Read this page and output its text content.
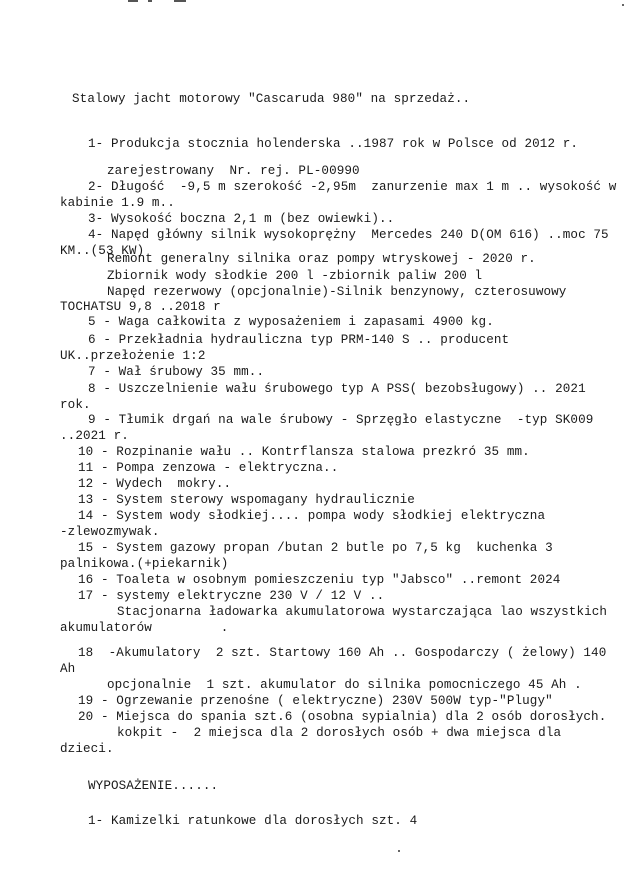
Stalowy jacht motorowy "Cascaruda 980" na sprzedaż..
1- Produkcja stocznia holenderska ..1987 rok w Polsce od 2012 r.
zarejestrowany  Nr. rej. PL-00990
2- Długość  -9,5 m szerokość -2,95m  zanurzenie max 1 m .. wysokość w
kabinie 1.9 m..
3- Wysokość boczna 2,1 m (bez owiewki)..
4- Napęd główny silnik wysokoprężny  Mercedes 240 D(OM 616) ..moc 75
KM..(53 KW)
Remont generalny silnika oraz pompy wtryskowej - 2020 r.
Zbiornik wody słodkie 200 l -zbiornik paliw 200 l
Napęd rezerwowy (opcjonalnie)-Silnik benzynowy, czterosuwowy
TOCHATSU 9,8 ..2018 r
5 - Waga całkowita z wyposażeniem i zapasami 4900 kg.
6 - Przekładnia hydrauliczna typ PRM-140 S .. producent
UK..przełożenie 1:2
7 - Wał śrubowy 35 mm..
8 - Uszczelnienie wału śrubowego typ A PSS( bezobsługowy) .. 2021
rok.
9 - Tłumik drgań na wale śrubowy - Sprzęgło elastyczne  -typ SK009
..2021 r.
10 - Rozpinanie wału .. Kontrflansza stalowa prezkró 35 mm.
11 - Pompa zenzowa - elektryczna..
12 - Wydech  mokry..
13 - System sterowy wspomagany hydraulicznie
14 - System wody słodkiej.... pompa wody słodkiej elektryczna
-zlewozmywak.
15 - System gazowy propan /butan 2 butle po 7,5 kg  kuchenka 3
palnikowa.(+piekarnik)
16 - Toaleta w osobnym pomieszczeniu typ "Jabsco" ..remont 2024
17 - systemy elektryczne 230 V / 12 V ..
Stacjonarna ładowarka akumulatorowa wystarczająca lao wszystkich
akumulatorów         .
18  -Akumulatory  2 szt. Startowy 160 Ah .. Gospodarczy ( żelowy) 140
Ah
opcjonalnie  1 szt. akumulator do silnika pomocniczego 45 Ah .
19 - Ogrzewanie przenośne ( elektryczne) 230V 500W typ-"Plugy"
20 - Miejsca do spania szt.6 (osobna sypialnia) dla 2 osób dorosłych.
kokpit -  2 miejsca dla 2 dorosłych osób + dwa miejsca dla
dzieci.
WYPOSAŻENIE......
1- Kamizelki ratunkowe dla dorosłych szt. 4
